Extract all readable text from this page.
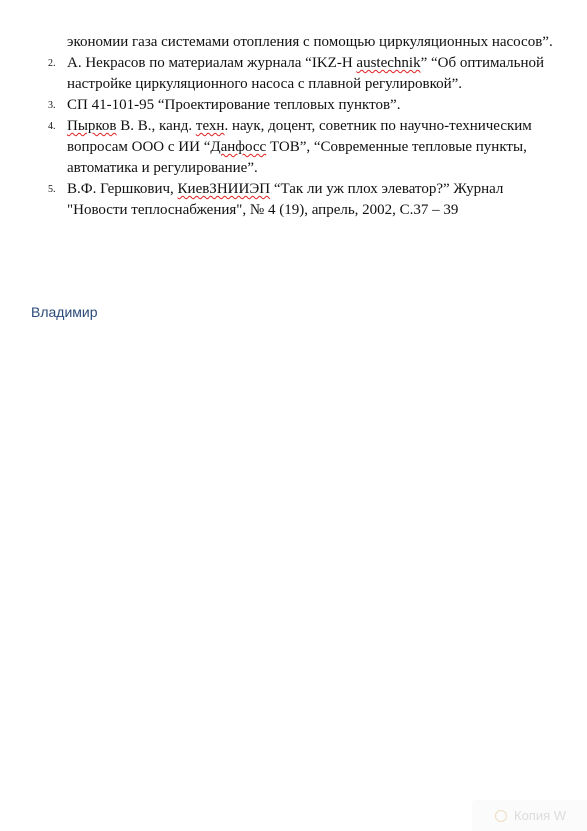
экономии газа системами отопления с помощью циркуляционных насосов”.
2. А. Некрасов по материалам журнала “IKZ-H austechnik” “Об оптимальной настройке циркуляционного насоса с плавной регулировкой”.
3. СП 41-101-95 “Проектирование тепловых пунктов”.
4. Пырков В. В., канд. техн. наук, доцент, советник по научно-техническим вопросам ООО с ИИ “Данфосс ТОВ”, “Современные тепловые пункты, автоматика и регулирование”.
5. В.Ф. Гершкович, КиевЗНИИЭП “Так ли уж плох элеватор?” Журнал "Новости теплоснабжения", № 4 (19), апрель, 2002, С.37 – 39
Владимир
Копия W
